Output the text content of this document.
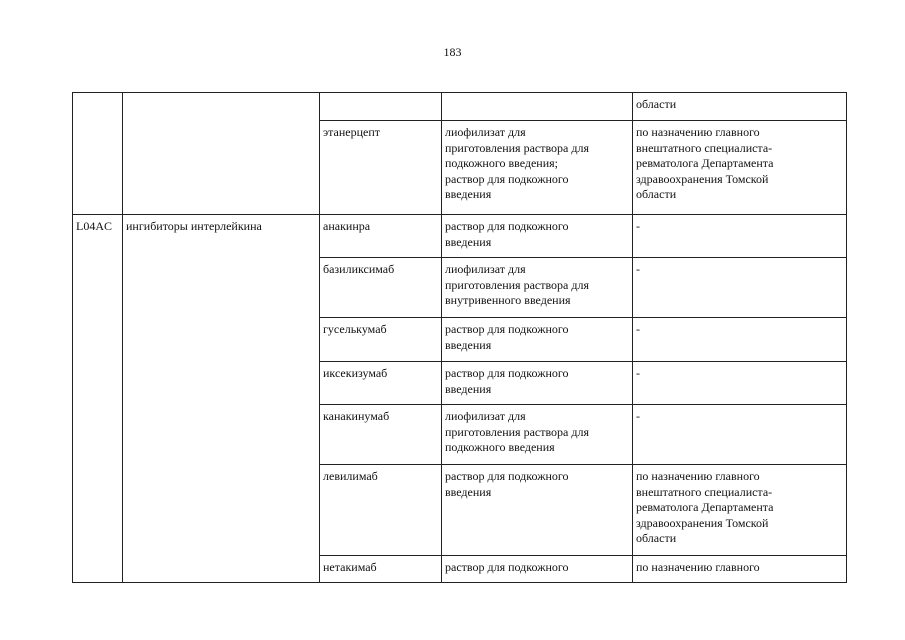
183
				области
		этанерцепт	лиофилизат для
приготовления раствора для
подкожного введения;
раствор для подкожного
введения	по назначению главного
внештатного специалиста-
ревматолога Департамента
здравоохранения Томской
области
L04AC	ингибиторы интерлейкина	анакинра	раствор для подкожного
введения	-
		базиликсимаб	лиофилизат для
приготовления раствора для
внутривенного введения	-
		гуселькумаб	раствор для подкожного
введения	-
		иксекизумаб	раствор для подкожного
введения	-
		канакинумаб	лиофилизат для
приготовления раствора для
подкожного введения	-
		левилимаб	раствор для подкожного
введения	по назначению главного
внештатного специалиста-
ревматолога Департамента
здравоохранения Томской
области
		нетакимаб	раствор для подкожного	по назначению главного
